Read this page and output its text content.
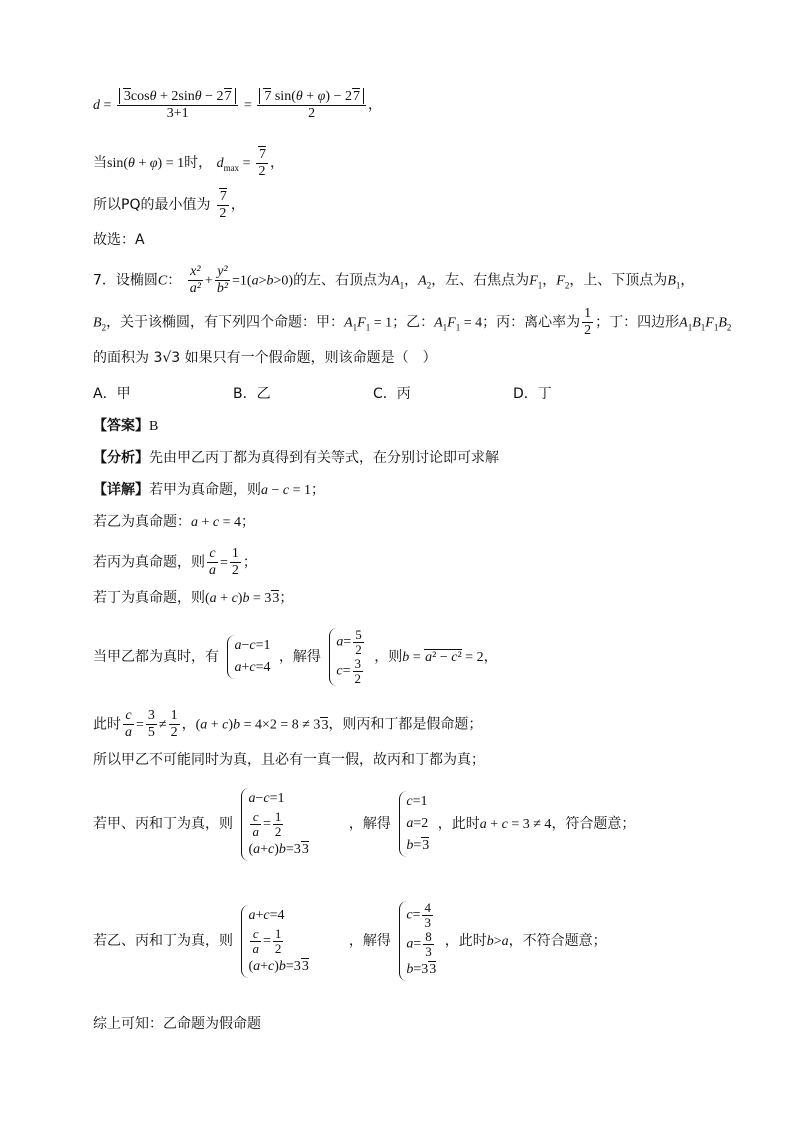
$d = \frac{3\cos\theta + 2\sin\theta - 27}{3+1} = \frac{7 \sin(\theta + \varphi) - 27}{2}$ ，
当sin(θ + φ) = 1时， $d_{max} = \frac{7}{2}$ ，
所以PQ的最小值为 $\frac{7}{2}$ ，
故选：A
7．设椭圆C： $\frac{\text{x²}}{\text{a²}} + \frac{\text{y²}}{\text{b²}} =1(a>b>0)$的左、右顶点为$A_1$，$A_2$，左、右焦点为$F_1$，$F_2$，上、下顶点为$B_1$，
$B_2$，关于该椭圆，有下列四个命题：甲：$A_1F_1 = 1$；乙：$A_1F_1 = 4$；丙：离心率为 $\frac{1}{2}$ ；丁：四边形$A_1B_1F_1B_2$
的面积为 3√3 如果只有一个假命题，则该命题是（　）
A．甲	B．乙	C．丙	D．丁
【答案】B
【分析】先由甲乙丙丁都为真得到有关等式，在分别讨论即可求解
【详解】若甲为真命题，则a − c = 1；
若乙为真命题：a + c = 4；
若丙为真命题，则 $\frac{c}{a} = \frac{1}{2}$ ；
若丁为真命题，则(a + c)b = 33；
当甲乙都为真时，有
a−c=1
a+c=4
，解得
$a= \frac{5}{2}$
$c= \frac{3}{2}$ ，则b = a² − c² = 2，
此时 $\frac{c}{a} = \frac{3}{5} \ne \frac{1}{2}$ ，(a + c)b = 4×2 = 8 ≠ 33，则丙和丁都是假命题；
所以甲乙不可能同时为真，且必有一真一假，故丙和丁都为真；
若甲、丙和丁为真，则
a−c=1
$\frac{c}{a} = \frac{1}{2}$
(a+c)b=33
，解得
c=1
a=2
b=3
，此时a + c = 3 ≠ 4，符合题意；
若乙、丙和丁为真，则
a+c=4
$\frac{c}{a} = \frac{1}{2}$
(a+c)b=33
，解得
$c= \frac{4}{3}$
$a= \frac{8}{3}$
b=33
，此时b>a，不符合题意；
综上可知：乙命题为假命题
